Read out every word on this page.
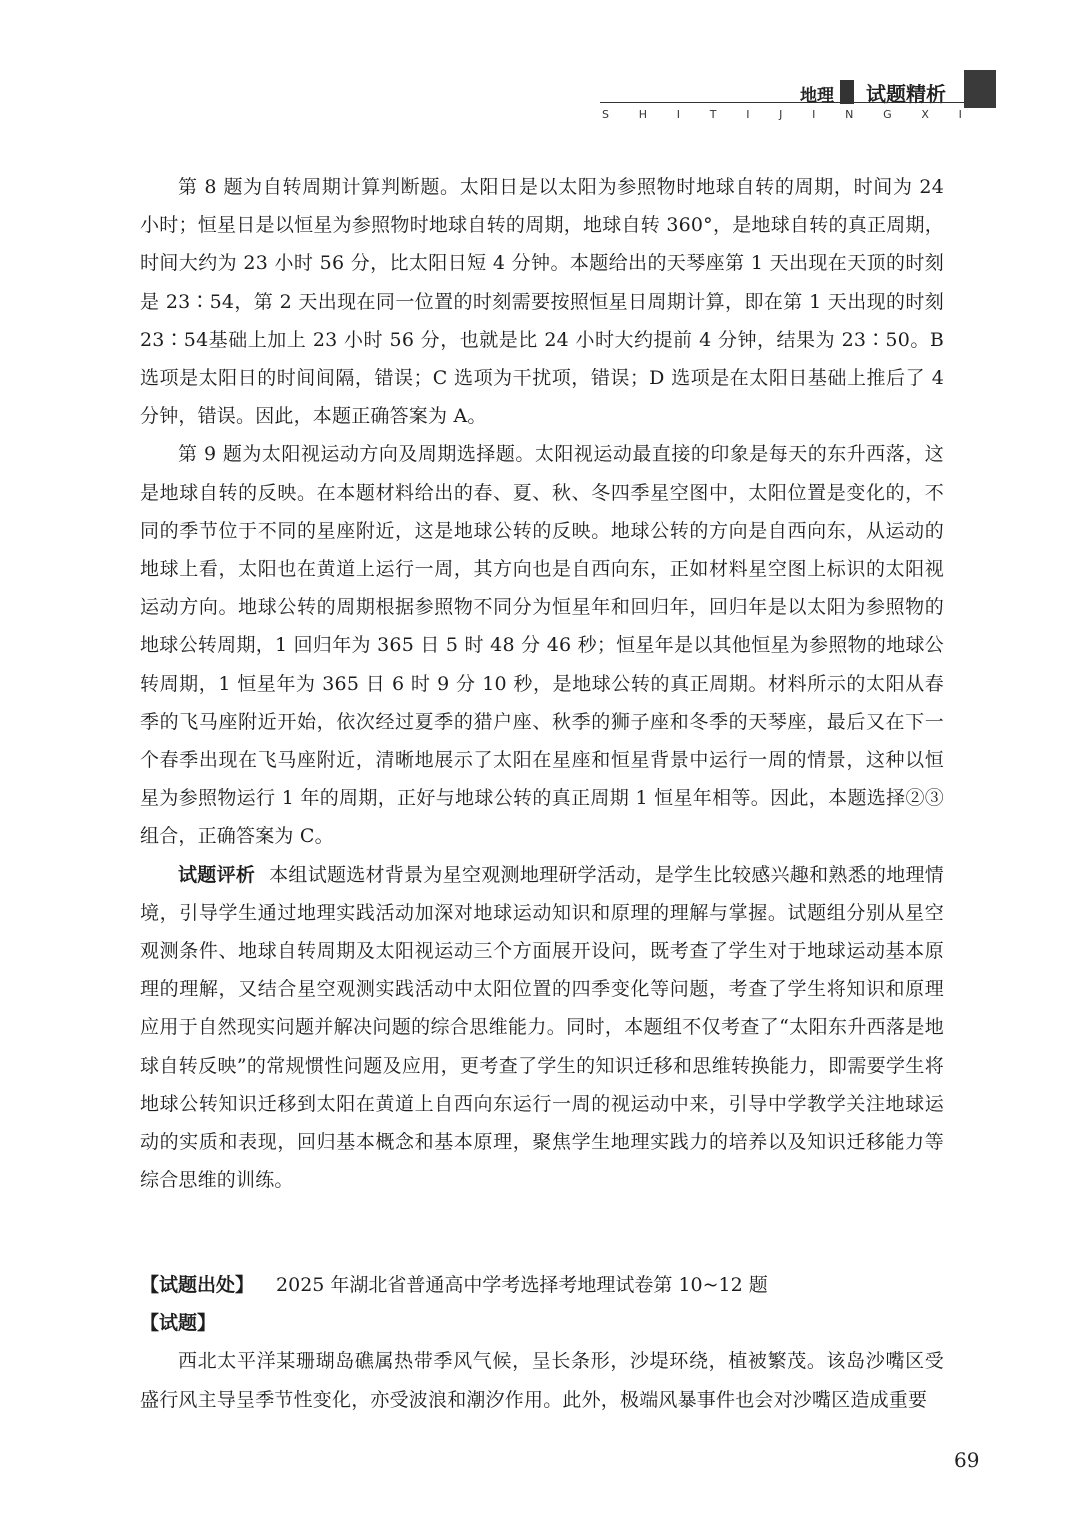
地理 试题精析
S	H	I	T	I	J	I	N	G	X	I

第 8 题为自转周期计算判断题。太阳日是以太阳为参照物时地球自转的周期，时间为 24 小时；恒星日是以恒星为参照物时地球自转的周期，地球自转 360°，是地球自转的真正周期，时间大约为 23 小时 56 分，比太阳日短 4 分钟。本题给出的天琴座第 1 天出现在天顶的时刻是 23∶54，第 2 天出现在同一位置的时刻需要按照恒星日周期计算，即在第 1 天出现的时刻 23∶54基础上加上 23 小时 56 分，也就是比 24 小时大约提前 4 分钟，结果为 23∶50。B 选项是太阳日的时间间隔，错误；C 选项为干扰项，错误；D 选项是在太阳日基础上推后了 4 分钟，错误。因此，本题正确答案为 A。

第 9 题为太阳视运动方向及周期选择题。太阳视运动最直接的印象是每天的东升西落，这是地球自转的反映。在本题材料给出的春、夏、秋、冬四季星空图中，太阳位置是变化的，不同的季节位于不同的星座附近，这是地球公转的反映。地球公转的方向是自西向东，从运动的地球上看，太阳也在黄道上运行一周，其方向也是自西向东，正如材料星空图上标识的太阳视运动方向。地球公转的周期根据参照物不同分为恒星年和回归年，回归年是以太阳为参照物的地球公转周期，1 回归年为 365 日 5 时 48 分 46 秒；恒星年是以其他恒星为参照物的地球公转周期，1 恒星年为 365 日 6 时 9 分 10 秒，是地球公转的真正周期。材料所示的太阳从春季的飞马座附近开始，依次经过夏季的猎户座、秋季的狮子座和冬季的天琴座，最后又在下一个春季出现在飞马座附近，清晰地展示了太阳在星座和恒星背景中运行一周的情景，这种以恒星为参照物运行 1 年的周期，正好与地球公转的真正周期 1 恒星年相等。因此，本题选择②③组合，正确答案为 C。

试题评析 本组试题选材背景为星空观测地理研学活动，是学生比较感兴趣和熟悉的地理情境，引导学生通过地理实践活动加深对地球运动知识和原理的理解与掌握。试题组分别从星空观测条件、地球自转周期及太阳视运动三个方面展开设问，既考查了学生对于地球运动基本原理的理解，又结合星空观测实践活动中太阳位置的四季变化等问题，考查了学生将知识和原理应用于自然现实问题并解决问题的综合思维能力。同时，本题组不仅考查了“太阳东升西落是地球自转反映”的常规惯性问题及应用，更考查了学生的知识迁移和思维转换能力，即需要学生将地球公转知识迁移到太阳在黄道上自西向东运行一周的视运动中来，引导中学教学关注地球运动的实质和表现，回归基本概念和基本原理，聚焦学生地理实践力的培养以及知识迁移能力等综合思维的训练。

【试题出处】 2025 年湖北省普通高中学考选择考地理试卷第 10~12 题

【试题】

西北太平洋某珊瑚岛礁属热带季风气候，呈长条形，沙堤环绕，植被繁茂。该岛沙嘴区受盛行风主导呈季节性变化，亦受波浪和潮汐作用。此外，极端风暴事件也会对沙嘴区造成重要

69
